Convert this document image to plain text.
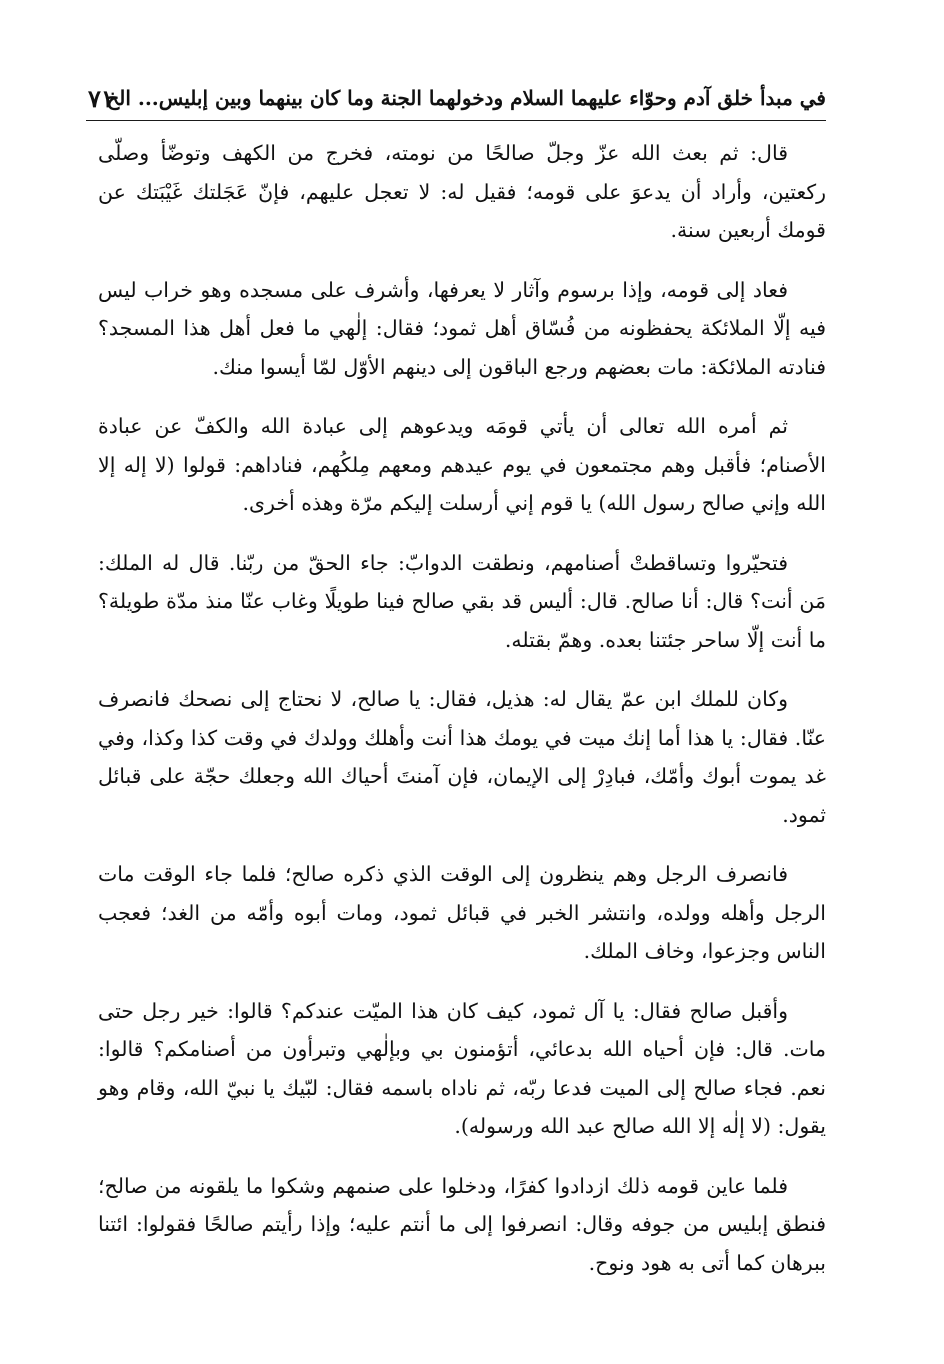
في مبدأ خلق آدم وحوّاء عليهما السلام ودخولهما الجنة وما كان بينهما وبين إبليس... الخ
٧١

قال: ثم بعث الله عزّ وجلّ صالحًا من نومته، فخرج من الكهف وتوضّأ وصلّى ركعتين، وأراد أن يدعوَ على قومه؛ فقيل له: لا تعجل عليهم، فإنّ عَجَلتك غَيْبَتك عن قومك أربعين سنة.

فعاد إلى قومه، وإذا برسوم وآثار لا يعرفها، وأشرف على مسجده وهو خراب ليس فيه إلّا الملائكة يحفظونه من فُسّاق أهل ثمود؛ فقال: إلٰهي ما فعل أهل هذا المسجد؟ فنادته الملائكة: مات بعضهم ورجع الباقون إلى دينهم الأوّل لمّا أيسوا منك.

ثم أمره الله تعالى أن يأتي قومَه ويدعوهم إلى عبادة الله والكفّ عن عبادة الأصنام؛ فأقبل وهم مجتمعون في يوم عيدهم ومعهم مِلكُهم، فناداهم: قولوا (لا إله إلا الله وإني صالح رسول الله) يا قوم إني أرسلت إليكم مرّة وهذه أخرى.

فتحيّروا وتساقطتْ أصنامهم، ونطقت الدوابّ: جاء الحقّ من ربّنا. قال له الملك: مَن أنت؟ قال: أنا صالح. قال: أليس قد بقي صالح فينا طويلًا وغاب عنّا منذ مدّة طويلة؟ ما أنت إلّا ساحر جئتنا بعده. وهمّ بقتله.

وكان للملك ابن عمّ يقال له: هذيل، فقال: يا صالح، لا نحتاج إلى نصحك فانصرف عنّا. فقال: يا هذا أما إنك ميت في يومك هذا أنت وأهلك وولدك في وقت كذا وكذا، وفي غد يموت أبوك وأمّك، فبادِرْ إلى الإيمان، فإن آمنتَ أحياك الله وجعلك حجّة على قبائل ثمود.

فانصرف الرجل وهم ينظرون إلى الوقت الذي ذكره صالح؛ فلما جاء الوقت مات الرجل وأهله وولده، وانتشر الخبر في قبائل ثمود، ومات أبوه وأمّه من الغد؛ فعجب الناس وجزعوا، وخاف الملك.

وأقبل صالح فقال: يا آل ثمود، كيف كان هذا الميّت عندكم؟ قالوا: خير رجل حتى مات. قال: فإن أحياه الله بدعائي، أتؤمنون بي وبإلٰهي وتبرأون من أصنامكم؟ قالوا: نعم. فجاء صالح إلى الميت فدعا ربّه، ثم ناداه باسمه فقال: لبّيك يا نبيّ الله، وقام وهو يقول: (لا إلٰه إلا الله صالح عبد الله ورسوله).

فلما عاين قومه ذلك ازدادوا كفرًا، ودخلوا على صنمهم وشكوا ما يلقونه من صالح؛ فنطق إبليس من جوفه وقال: انصرفوا إلى ما أنتم عليه؛ وإذا رأيتم صالحًا فقولوا: ائتنا ببرهان كما أتى به هود ونوح.
